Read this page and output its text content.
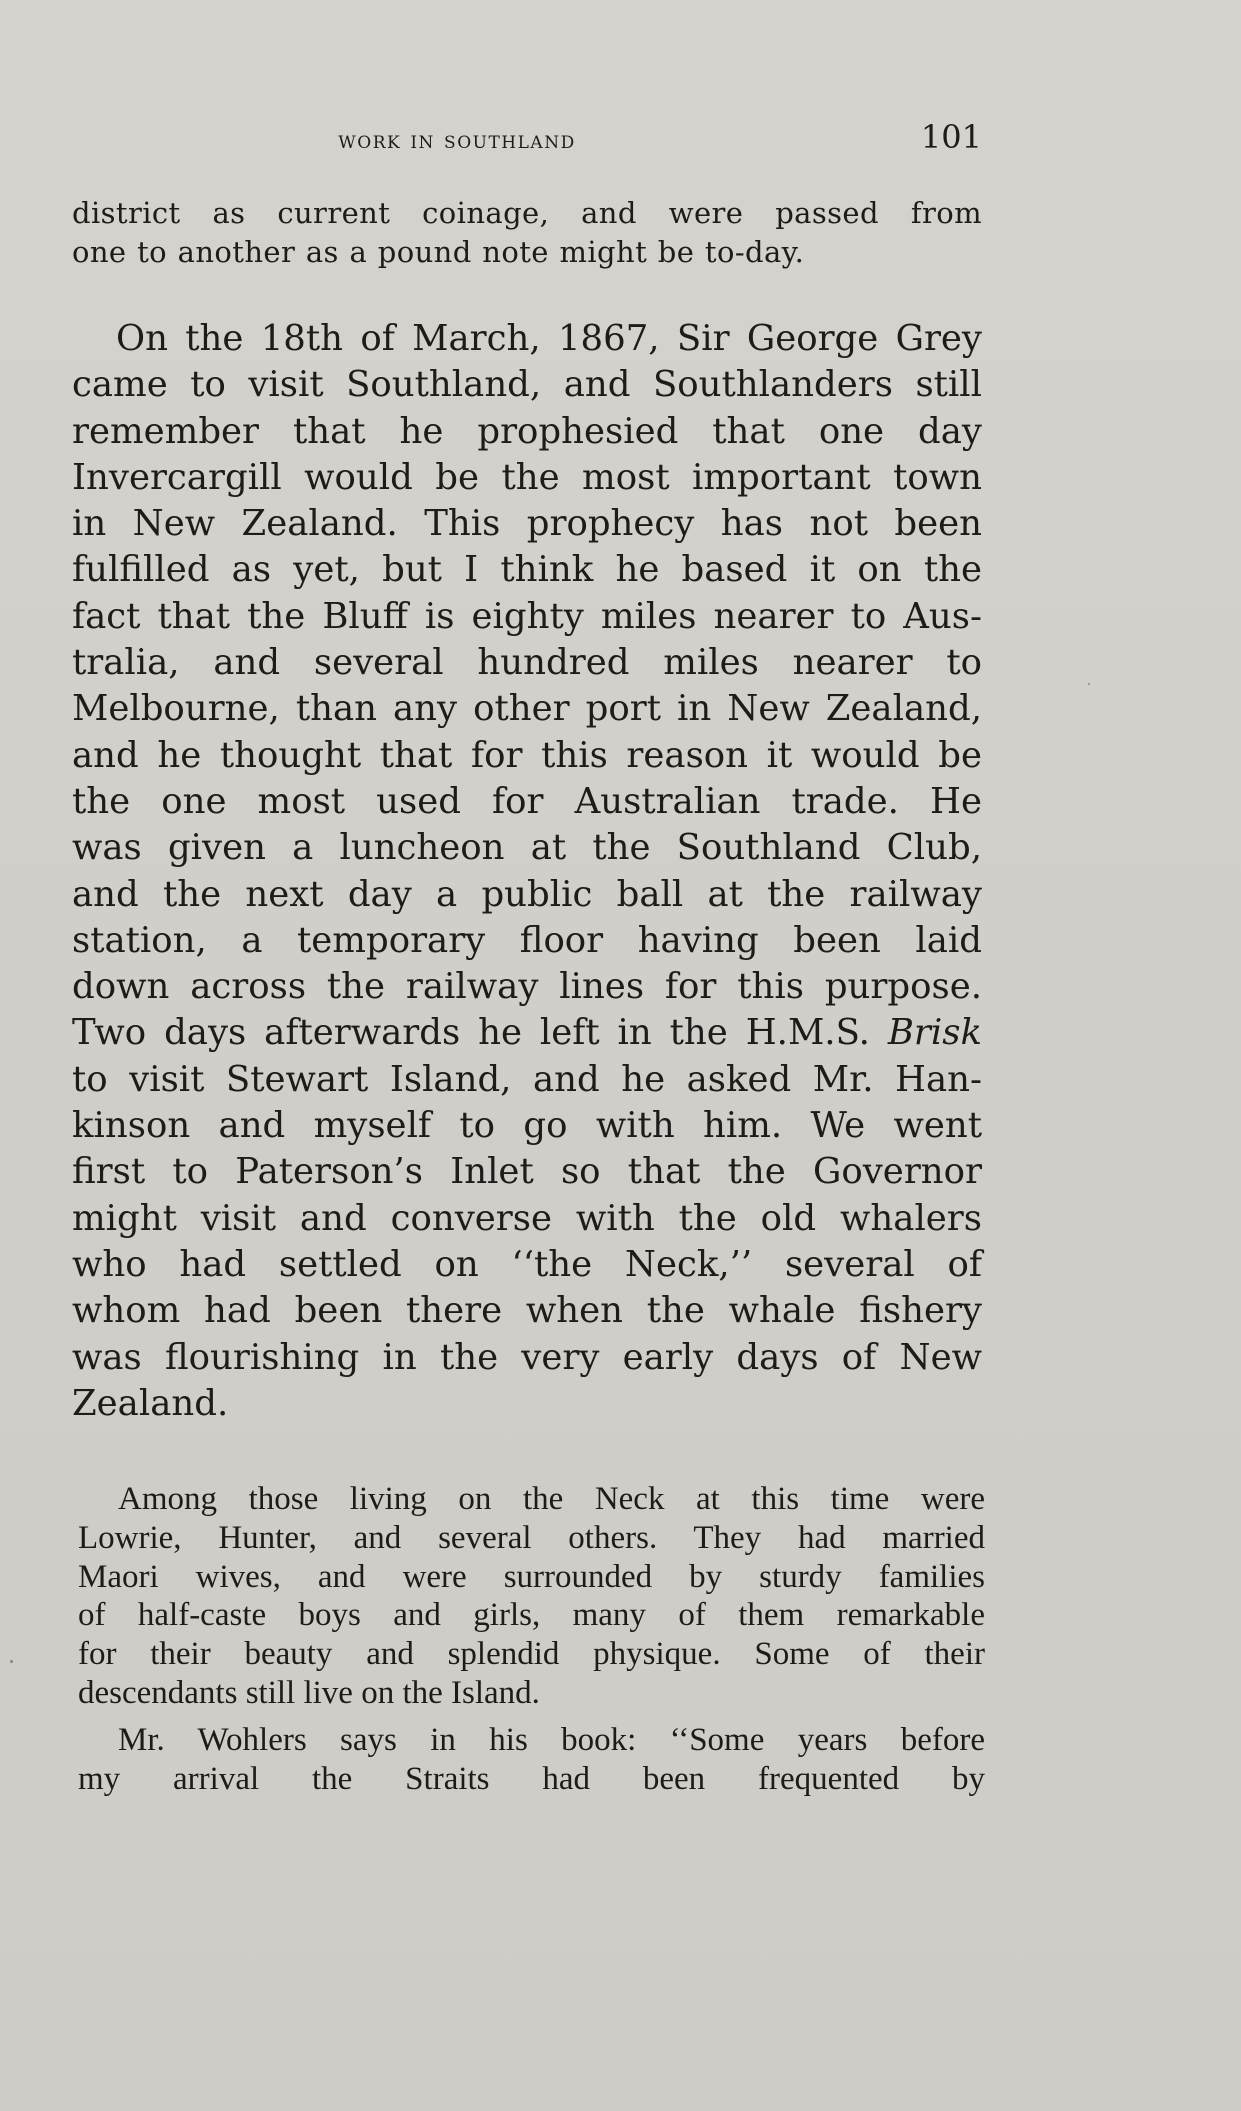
work in southland	101

district as current coinage, and were passed from
one to another as a pound note might be to-day.

On the 18th of March, 1867, Sir George Grey
came to visit Southland, and Southlanders still
remember that he prophesied that one day
Invercargill would be the most important town
in New Zealand. This prophecy has not been
fulfilled as yet, but I think he based it on the
fact that the Bluff is eighty miles nearer to Aus-
tralia, and several hundred miles nearer to
Melbourne, than any other port in New Zealand,
and he thought that for this reason it would be
the one most used for Australian trade. He
was given a luncheon at the Southland Club,
and the next day a public ball at the railway
station, a temporary floor having been laid
down across the railway lines for this purpose.
Two days afterwards he left in the H.M.S. Brisk
to visit Stewart Island, and he asked Mr. Han-
kinson and myself to go with him. We went
first to Paterson’s Inlet so that the Governor
might visit and converse with the old whalers
who had settled on ‘‘the Neck,’’ several of
whom had been there when the whale fishery
was flourishing in the very early days of New
Zealand.

Among those living on the Neck at this time were
Lowrie, Hunter, and several others. They had married
Maori wives, and were surrounded by sturdy families
of half-caste boys and girls, many of them remarkable
for their beauty and splendid physique. Some of their
descendants still live on the Island.

Mr. Wohlers says in his book: ‘‘Some years before
my arrival the Straits had been frequented by
